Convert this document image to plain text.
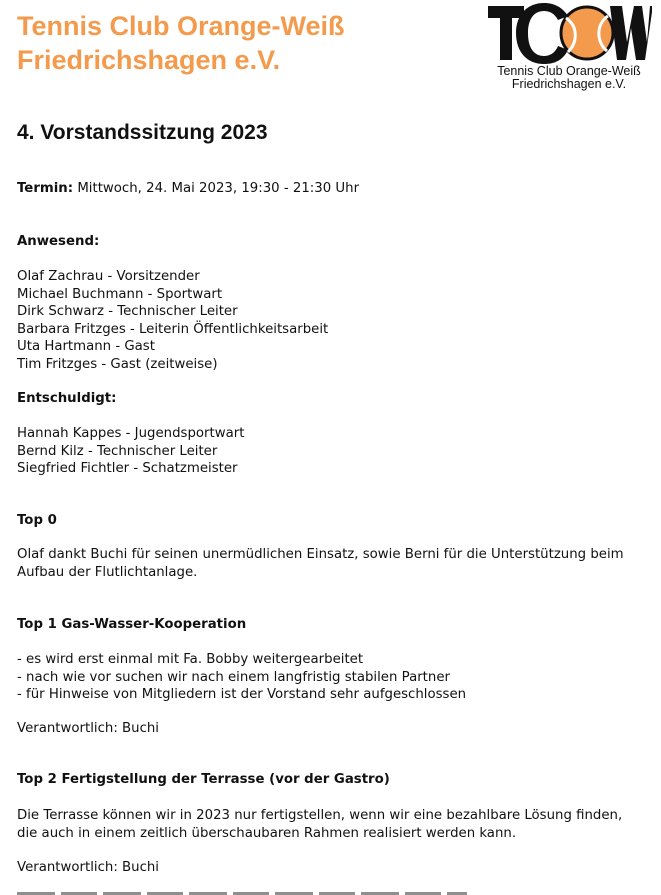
Tennis Club Orange-Weiß
Friedrichshagen e.V.	Tennis Club Orange-Weiß
Friedrichshagen e.V.
4. Vorstandssitzung 2023

Termin: Mittwoch, 24. Mai 2023, 19:30 - 21:30 Uhr

Anwesend:

Olaf Zachrau - Vorsitzender
Michael Buchmann - Sportwart
Dirk Schwarz - Technischer Leiter
Barbara Fritzges - Leiterin Öffentlichkeitsarbeit
Uta Hartmann - Gast
Tim Fritzges - Gast (zeitweise)

Entschuldigt:

Hannah Kappes - Jugendsportwart
Bernd Kilz - Technischer Leiter
Siegfried Fichtler - Schatzmeister

Top 0

Olaf dankt Buchi für seinen unermüdlichen Einsatz, sowie Berni für die Unterstützung beim
Aufbau der Flutlichtanlage.

Top 1 Gas-Wasser-Kooperation

- es wird erst einmal mit Fa. Bobby weitergearbeitet
- nach wie vor suchen wir nach einem langfristig stabilen Partner
- für Hinweise von Mitgliedern ist der Vorstand sehr aufgeschlossen

Verantwortlich: Buchi

Top 2 Fertigstellung der Terrasse (vor der Gastro)

Die Terrasse können wir in 2023 nur fertigstellen, wenn wir eine bezahlbare Lösung finden,
die auch in einem zeitlich überschaubaren Rahmen realisiert werden kann.

Verantwortlich: Buchi
